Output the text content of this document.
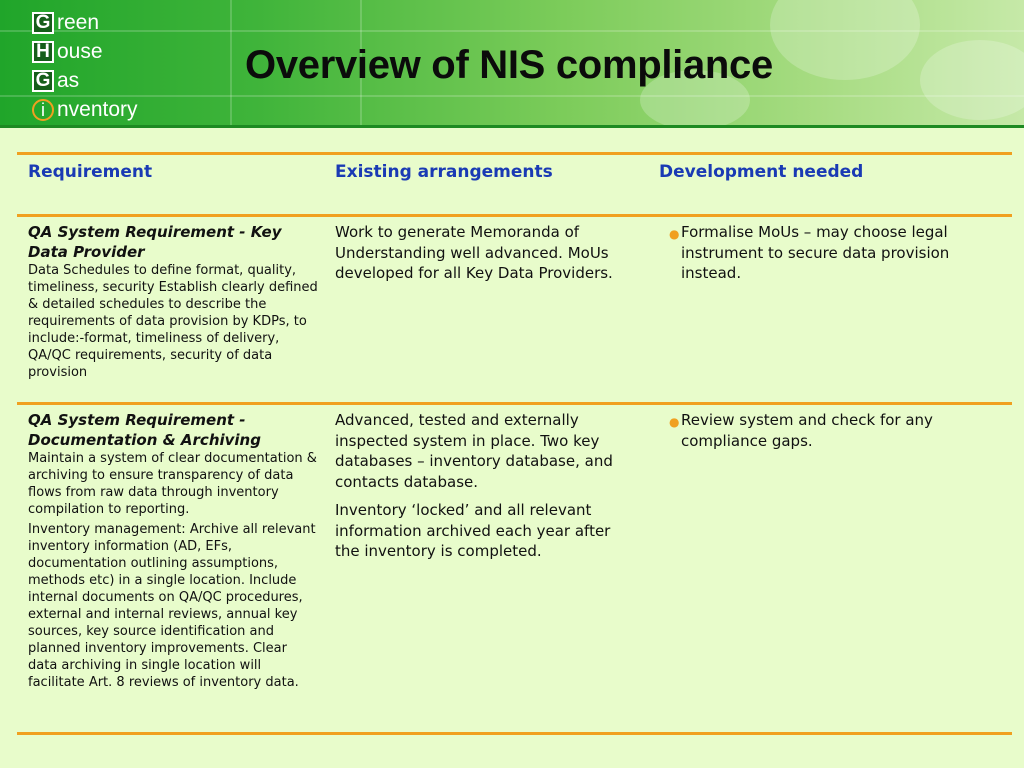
G reen
H ouse
G as
i nventory
Overview of NIS compliance
Requirement	Existing arrangements	Development needed
QA System Requirement - Key Data Provider
Data Schedules to define format, quality, timeliness, security Establish clearly defined & detailed schedules to describe the requirements of data provision by KDPs, to include:-format, timeliness of delivery, QA/QC requirements, security of data provision
Work to generate Memoranda of Understanding well advanced. MoUs developed for all Key Data Providers.
● Formalise MoUs – may choose legal instrument to secure data provision instead.
QA System Requirement - Documentation & Archiving
Maintain a system of clear documentation & archiving to ensure transparency of data flows from raw data through inventory compilation to reporting.
Inventory management: Archive all relevant inventory information (AD, EFs, documentation outlining assumptions, methods etc) in a single location. Include internal documents on QA/QC procedures, external and internal reviews, annual key sources, key source identification and planned inventory improvements. Clear data archiving in single location will facilitate Art. 8 reviews of inventory data.
Advanced, tested and externally inspected system in place. Two key databases – inventory database, and contacts database.
Inventory ‘locked’ and all relevant information archived each year after the inventory is completed.
● Review system and check for any compliance gaps.
